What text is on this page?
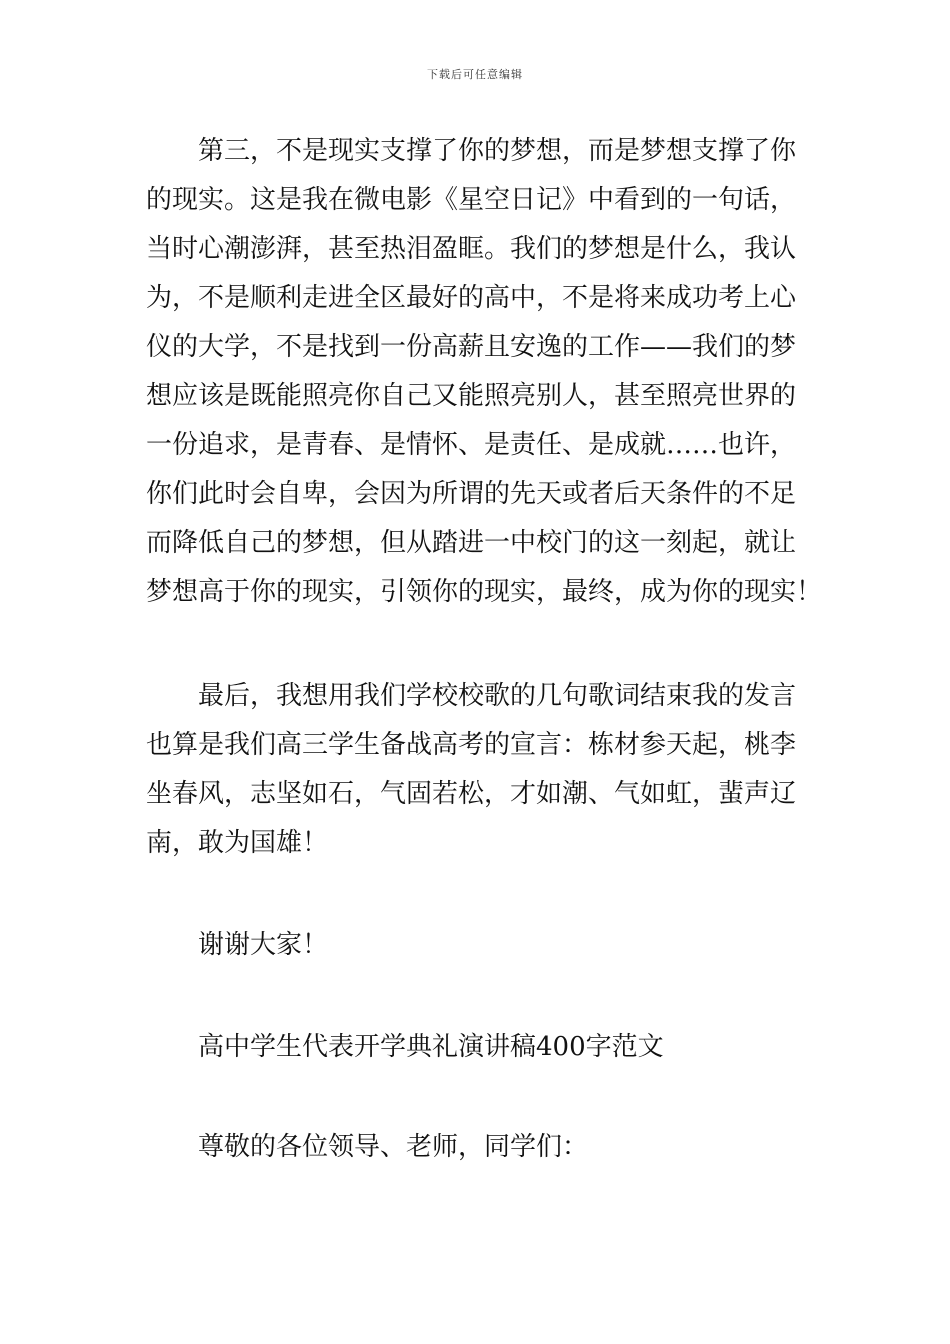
下载后可任意编辑
第三，不是现实支撑了你的梦想，而是梦想支撑了你
的现实。这是我在微电影《星空日记》中看到的一句话，
当时心潮澎湃，甚至热泪盈眶。我们的梦想是什么，我认
为，不是顺利走进全区最好的高中，不是将来成功考上心
仪的大学，不是找到一份高薪且安逸的工作——我们的梦
想应该是既能照亮你自己又能照亮别人，甚至照亮世界的
一份追求，是青春、是情怀、是责任、是成就……也许，
你们此时会自卑，会因为所谓的先天或者后天条件的不足
而降低自己的梦想，但从踏进一中校门的这一刻起，就让
梦想高于你的现实，引领你的现实，最终，成为你的现实！
最后，我想用我们学校校歌的几句歌词结束我的发言
也算是我们高三学生备战高考的宣言：栋材参天起，桃李
坐春风，志坚如石，气固若松，才如潮、气如虹，蜚声辽
南，敢为国雄！
谢谢大家！
高中学生代表开学典礼演讲稿400字范文
尊敬的各位领导、老师，同学们：
